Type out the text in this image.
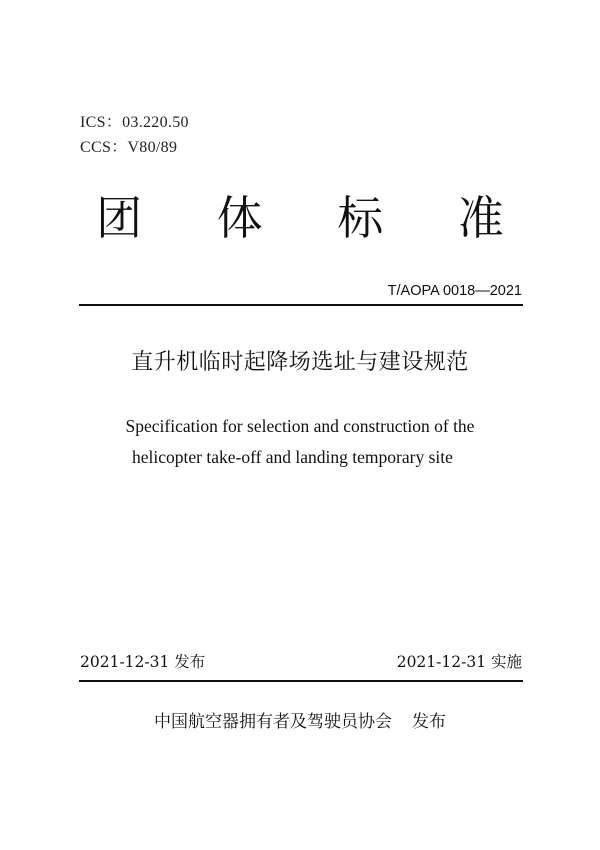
ICS：03.220.50
CCS：V80/89
团 体 标 准
T/AOPA 0018—2021
直升机临时起降场选址与建设规范
Specification for selection and construction of the
helicopter take-off and landing temporary site
2021-12-31 发布	2021-12-31 实施
中国航空器拥有者及驾驶员协会 发布
